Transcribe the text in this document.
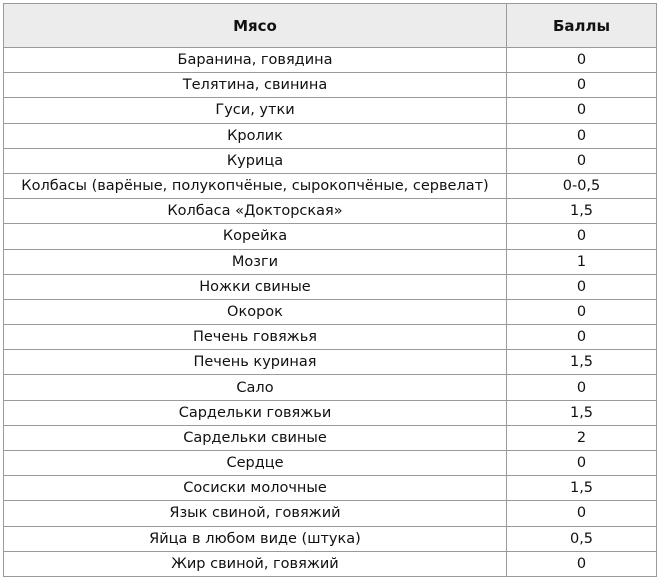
Мясо	Баллы
Баранина, говядина	0
Телятина, свинина	0
Гуси, утки	0
Кролик	0
Курица	0
Колбасы (варёные, полукопчёные, сырокопчёные, сервелат)	0-0,5
Колбаса «Докторская»	1,5
Корейка	0
Мозги	1
Ножки свиные	0
Окорок	0
Печень говяжья	0
Печень куриная	1,5
Сало	0
Сардельки говяжьи	1,5
Сардельки свиные	2
Сердце	0
Сосиски молочные	1,5
Язык свиной, говяжий	0
Яйца в любом виде (штука)	0,5
Жир свиной, говяжий	0
